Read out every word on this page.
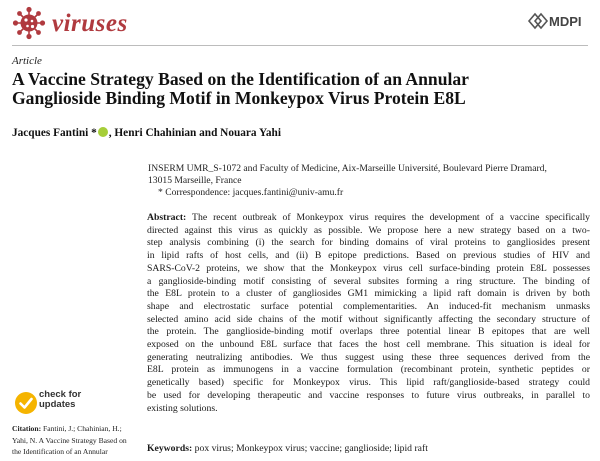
viruses	MDPI
Article
A Vaccine Strategy Based on the Identification of an Annular
Ganglioside Binding Motif in Monkeypox Virus Protein E8L
Jacques Fantini * , Henri Chahinian and Nouara Yahi
INSERM UMR_S-1072 and Faculty of Medicine, Aix-Marseille Université, Boulevard Pierre Dramard,
13015 Marseille, France
* Correspondence: jacques.fantini@univ-amu.fr
Abstract: The recent outbreak of Monkeypox virus requires the development of a vaccine specifically
directed against this virus as quickly as possible. We propose here a new strategy based on a two-
step analysis combining (i) the search for binding domains of viral proteins to gangliosides present
in lipid rafts of host cells, and (ii) B epitope predictions. Based on previous studies of HIV and
SARS-CoV-2 proteins, we show that the Monkeypox virus cell surface-binding protein E8L possesses
a ganglioside-binding motif consisting of several subsites forming a ring structure. The binding of
the E8L protein to a cluster of gangliosides GM1 mimicking a lipid raft domain is driven by both
shape and electrostatic surface potential complementarities. An induced-fit mechanism unmasks
selected amino acid side chains of the motif without significantly affecting the secondary structure of
the protein. The ganglioside-binding motif overlaps three potential linear B epitopes that are well
exposed on the unbound E8L surface that faces the host cell membrane. This situation is ideal for
generating neutralizing antibodies. We thus suggest using these three sequences derived from the
E8L protein as immunogens in a vaccine formulation (recombinant protein, synthetic peptides or
genetically based) specific for Monkeypox virus. This lipid raft/ganglioside-based strategy could
be used for developing therapeutic and vaccine responses to future virus outbreaks, in parallel to
existing solutions.
Keywords: pox virus; Monkeypox virus; vaccine; ganglioside; lipid raft
check for
updates
Citation: Fantini, J.; Chahinian, H.;
Yahi, N. A Vaccine Strategy Based on
the Identification of an Annular
